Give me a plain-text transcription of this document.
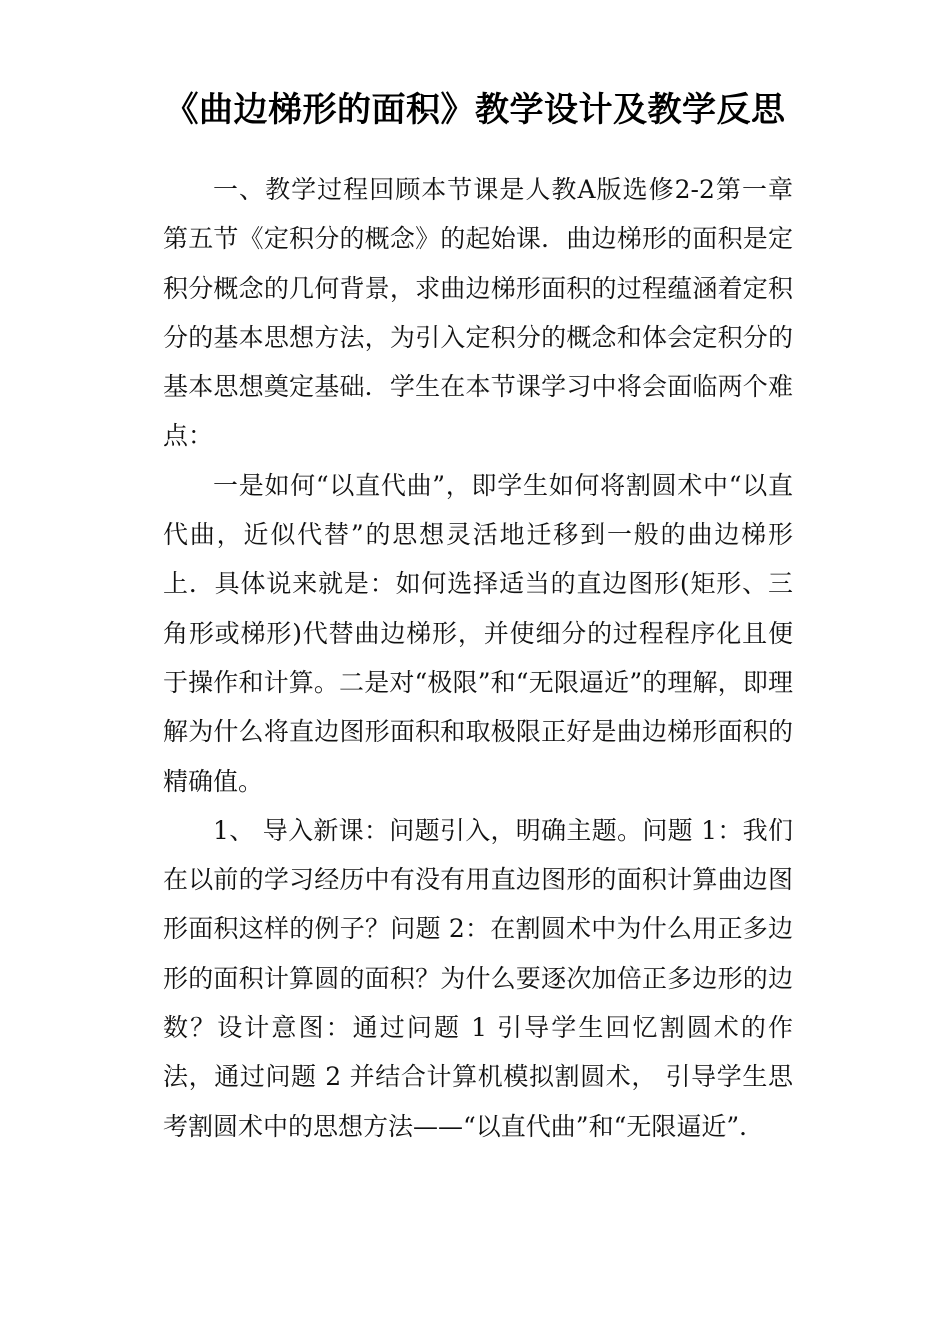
《曲边梯形的面积》教学设计及教学反思

一、教学过程回顾本节课是人教A版选修2-2第一章第五节《定积分的概念》的起始课．曲边梯形的面积是定积分概念的几何背景，求曲边梯形面积的过程蕴涵着定积分的基本思想方法，为引入定积分的概念和体会定积分的基本思想奠定基础．学生在本节课学习中将会面临两个难点：

一是如何“以直代曲”，即学生如何将割圆术中“以直代曲，近似代替”的思想灵活地迁移到一般的曲边梯形上．具体说来就是：如何选择适当的直边图形(矩形、三角形或梯形)代替曲边梯形，并使细分的过程程序化且便于操作和计算。二是对“极限”和“无限逼近”的理解，即理解为什么将直边图形面积和取极限正好是曲边梯形面积的精确值。

1、 导入新课：问题引入，明确主题。问题 1：我们在以前的学习经历中有没有用直边图形的面积计算曲边图形面积这样的例子？问题 2：在割圆术中为什么用正多边形的面积计算圆的面积？为什么要逐次加倍正多边形的边数？设计意图：通过问题 1 引导学生回忆割圆术的作法，通过问题 2 并结合计算机模拟割圆术， 引导学生思考割圆术中的思想方法——“以直代曲”和“无限逼近”．
